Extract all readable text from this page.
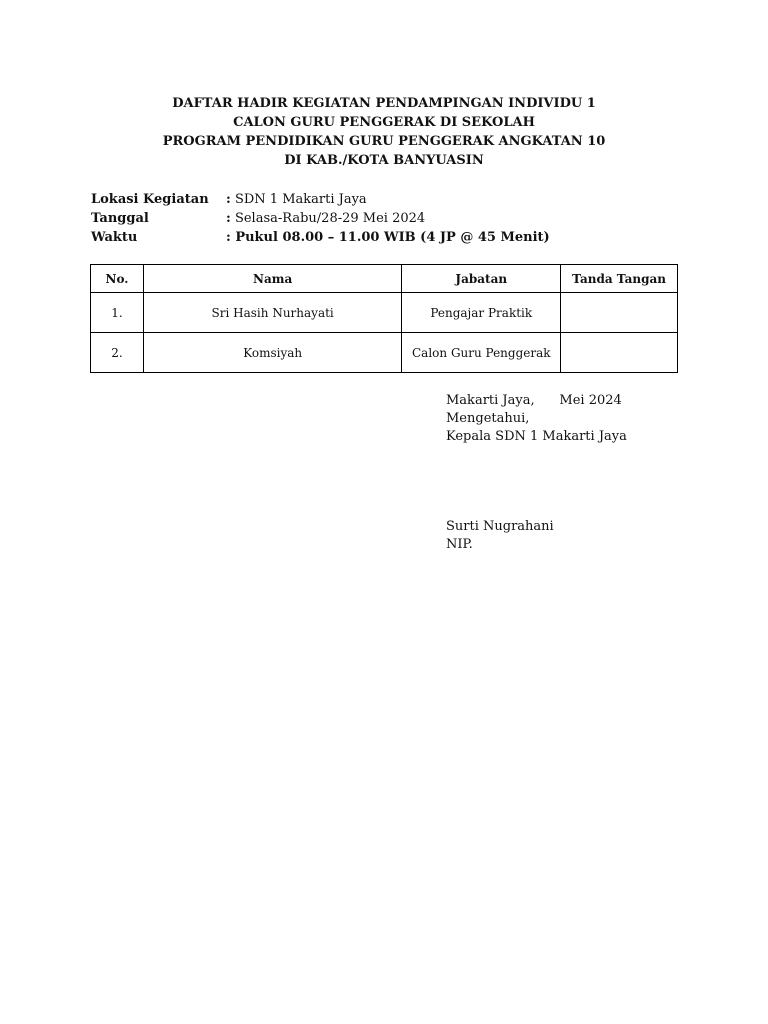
DAFTAR HADIR KEGIATAN PENDAMPINGAN INDIVIDU 1
CALON GURU PENGGERAK DI SEKOLAH
PROGRAM PENDIDIKAN GURU PENGGERAK ANGKATAN 10
DI KAB./KOTA BANYUASIN
Lokasi Kegiatan	: SDN 1 Makarti Jaya
Tanggal	: Selasa-Rabu/28-29 Mei 2024
Waktu	: Pukul 08.00 – 11.00 WIB (4 JP @ 45 Menit)
No.	Nama	Jabatan	Tanda Tangan
1.	Sri Hasih Nurhayati	Pengajar Praktik	
2.	Komsiyah	Calon Guru Penggerak	
Makarti Jaya,      Mei 2024
Mengetahui,
Kepala SDN 1 Makarti Jaya
Surti Nugrahani
NIP.
